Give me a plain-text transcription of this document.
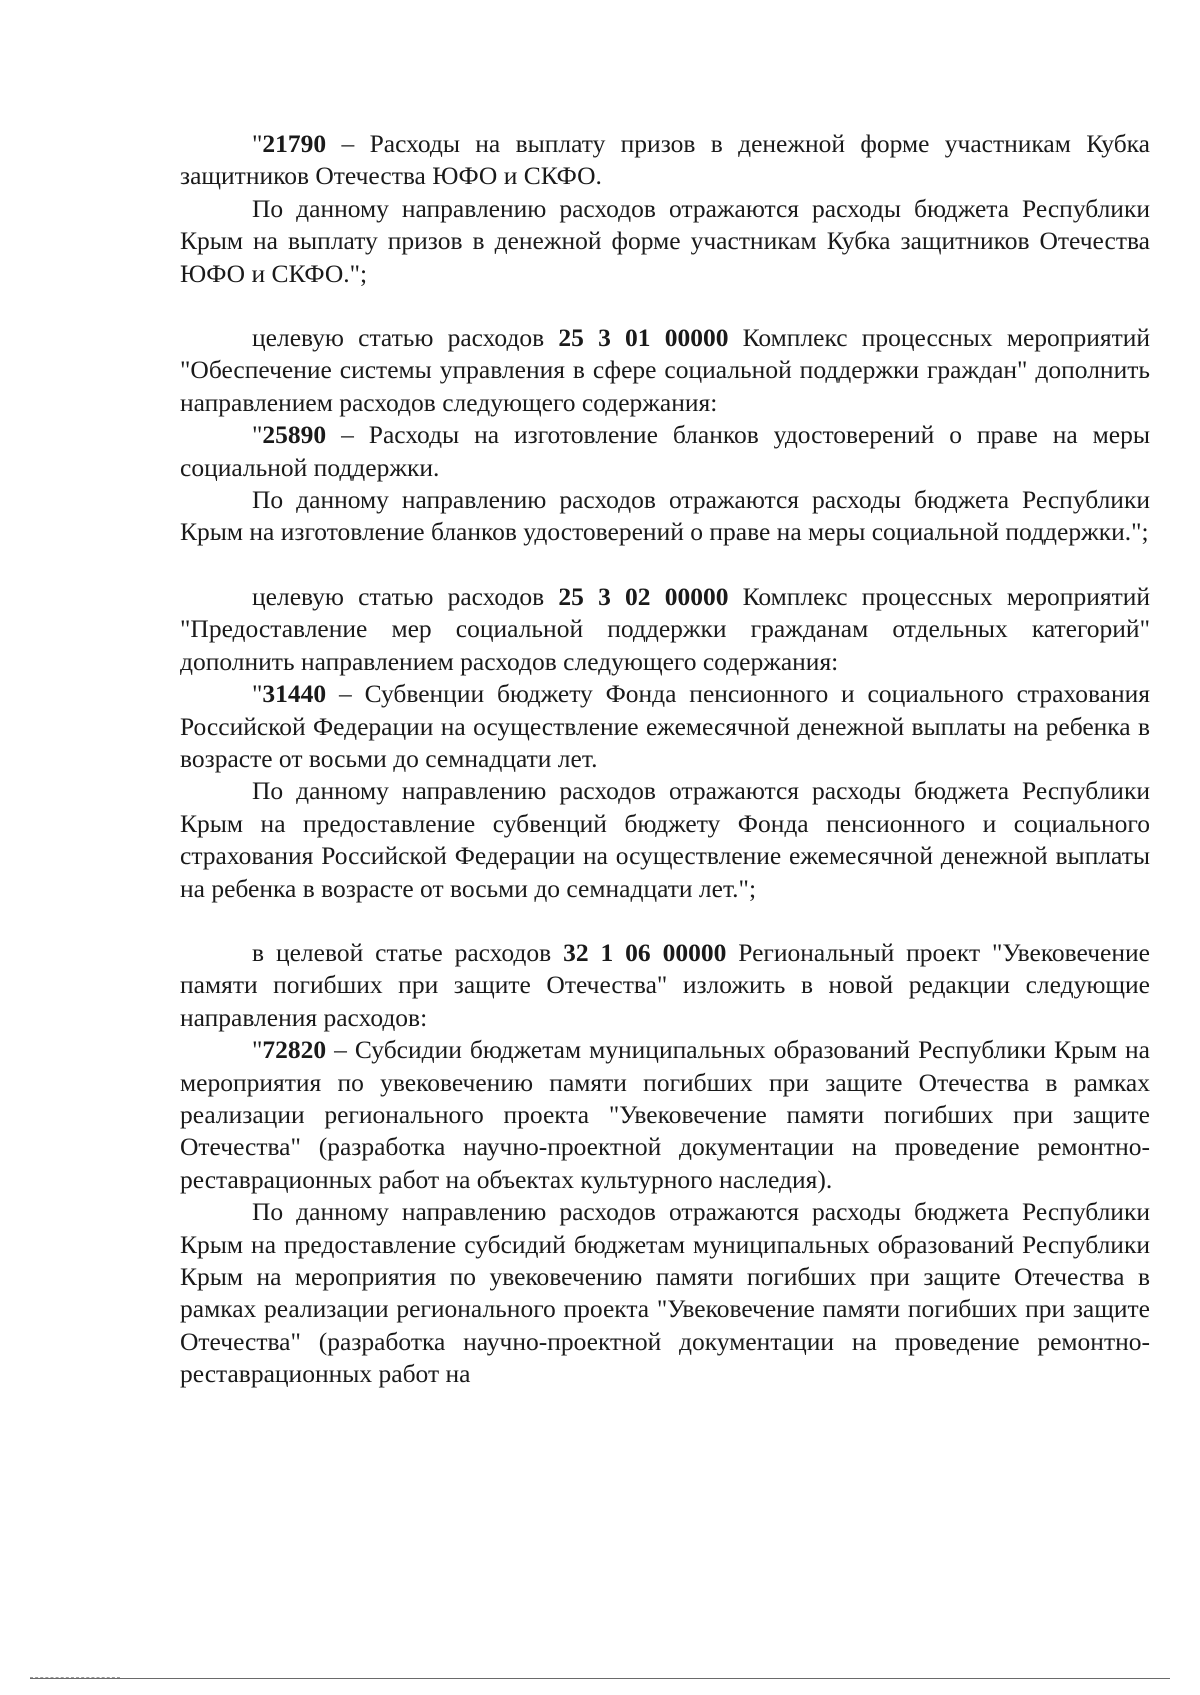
"21790 – Расходы на выплату призов в денежной форме участникам Кубка защитников Отечества ЮФО и СКФО.

По данному направлению расходов отражаются расходы бюджета Республики Крым на выплату призов в денежной форме участникам Кубка защитников Отечества ЮФО и СКФО.";

целевую статью расходов 25 3 01 00000 Комплекс процессных мероприятий "Обеспечение системы управления в сфере социальной поддержки граждан" дополнить направлением расходов следующего содержания:

"25890 – Расходы на изготовление бланков удостоверений о праве на меры социальной поддержки.

По данному направлению расходов отражаются расходы бюджета Республики Крым на изготовление бланков удостоверений о праве на меры социальной поддержки.";

целевую статью расходов 25 3 02 00000 Комплекс процессных мероприятий "Предоставление мер социальной поддержки гражданам отдельных категорий" дополнить направлением расходов следующего содержания:

"31440 – Субвенции бюджету Фонда пенсионного и социального страхования Российской Федерации на осуществление ежемесячной денежной выплаты на ребенка в возрасте от восьми до семнадцати лет.

По данному направлению расходов отражаются расходы бюджета Республики Крым на предоставление субвенций бюджету Фонда пенсионного и социального страхования Российской Федерации на осуществление ежемесячной денежной выплаты на ребенка в возрасте от восьми до семнадцати лет.";

в целевой статье расходов 32 1 06 00000 Региональный проект "Увековечение памяти погибших при защите Отечества" изложить в новой редакции следующие направления расходов:

"72820 – Субсидии бюджетам муниципальных образований Республики Крым на мероприятия по увековечению памяти погибших при защите Отечества в рамках реализации регионального проекта "Увековечение памяти погибших при защите Отечества" (разработка научно-проектной документации на проведение ремонтно-реставрационных работ на объектах культурного наследия).

По данному направлению расходов отражаются расходы бюджета Республики Крым на предоставление субсидий бюджетам муниципальных образований Республики Крым на мероприятия по увековечению памяти погибших при защите Отечества в рамках реализации регионального проекта "Увековечение памяти погибших при защите Отечества" (разработка научно-проектной документации на проведение ремонтно-реставрационных работ на
